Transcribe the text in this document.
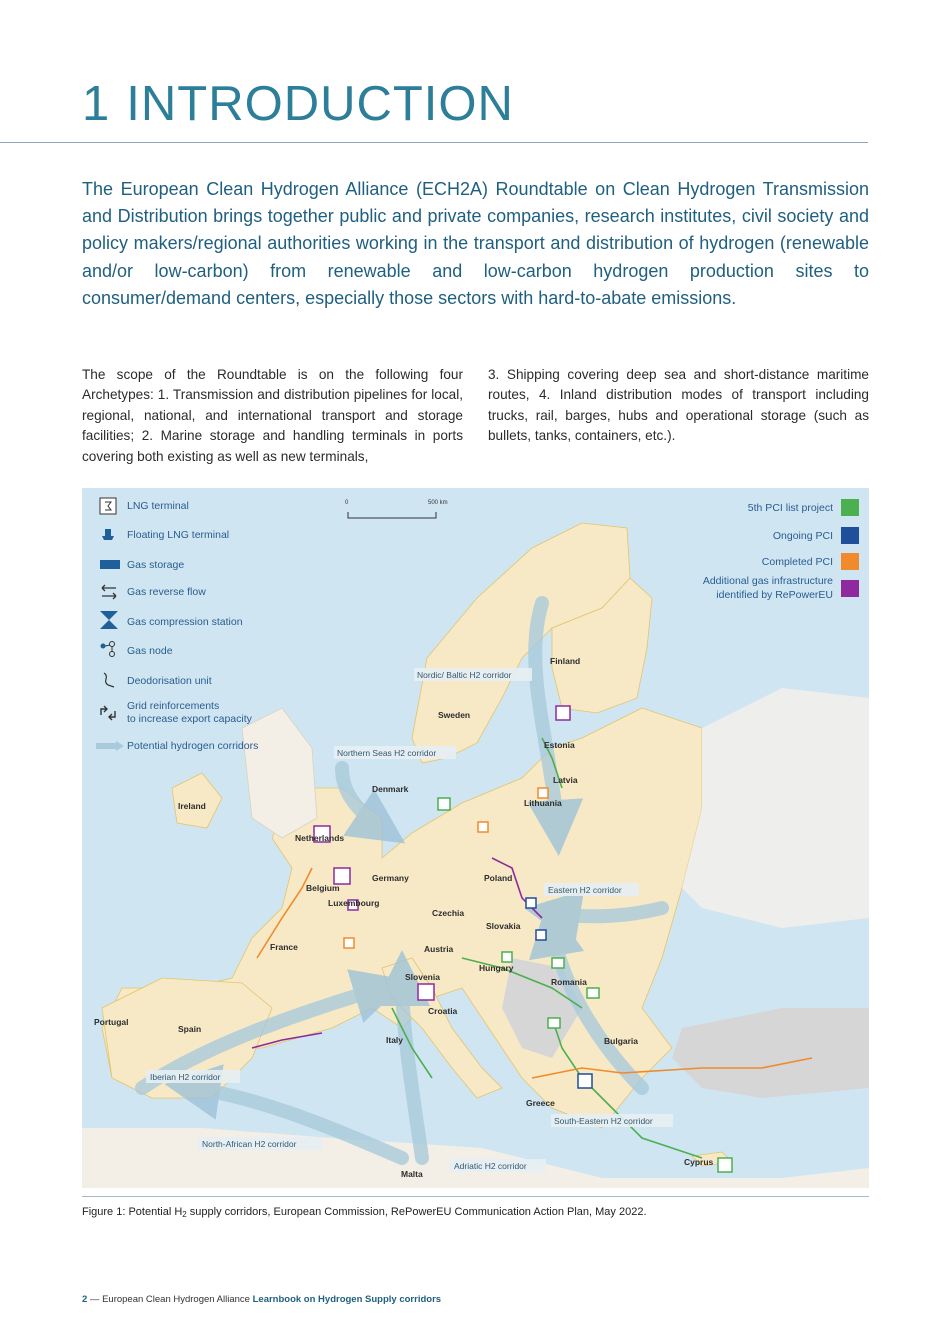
1 INTRODUCTION

The European Clean Hydrogen Alliance (ECH2A) Roundtable on Clean Hydrogen Transmission and Distribution brings together public and private companies, research institutes, civil society and policy makers/regional authorities working in the transport and distribution of hydrogen (renewable and/or low-carbon) from renewable and low-carbon hydrogen production sites to consumer/demand centers, especially those sectors with hard-to-abate emissions.

The scope of the Roundtable is on the following four Archetypes: 1. Transmission and distribution pipelines for local, regional, national, and international transport and storage facilities; 2. Marine storage and handling terminals in ports covering both existing as well as new terminals,

3. Shipping covering deep sea and short-distance maritime routes, 4. Inland distribution modes of transport including trucks, rail, barges, hubs and operational storage (such as bullets, tanks, containers, etc.).

LNG terminal
Floating LNG terminal
Gas storage
Gas reverse flow
Gas compression station
Gas node
Deodorisation unit
Grid reinforcements
to increase export capacity
Potential hydrogen corridors
0	500 km	5th PCI list project
Ongoing PCI
Completed PCI
Additional gas infrastructure
identified by RePowerEU
Nordic/ Baltic H2 corridor
Northern Seas H2 corridor
Eastern H2 corridor
Iberian H2 corridor
North-African H2 corridor
South-Eastern H2 corridor
Adriatic H2 corridor
Finland
Sweden
Estonia
Latvia
Lithuania
Denmark
Ireland
Netherlands
Belgium
Luxembourg
Germany	Poland
Czechia
Slovakia
Austria
Hungary
Slovenia
Croatia
Romania
Bulgaria
France
Portugal
Spain
Italy
Greece
Malta
Cyprus
Figure 1: Potential $H_2$ supply corridors, European Commission, RePowerEU Communication Action Plan, May 2022.
2 — European Clean Hydrogen Alliance Learnbook on Hydrogen Supply corridors
